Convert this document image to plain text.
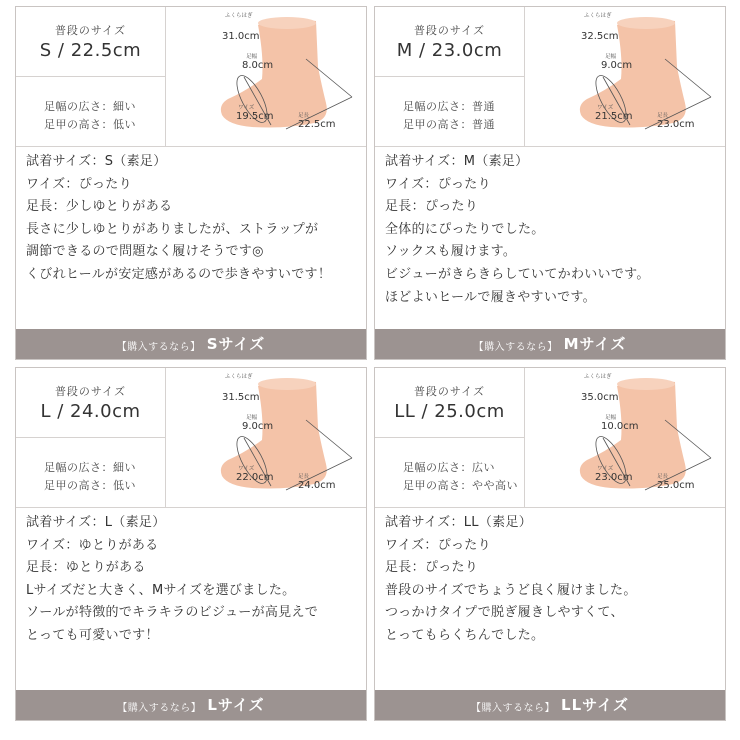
普段のサイズ
S / 22.5cm
足幅の広さ：細い
足甲の高さ：低い
ふくらはぎ
31.0cm
足幅
8.0cm
ワイズ
19.5cm	足長
22.5cm
試着サイズ：S（素足）
ワイズ：ぴったり
足長：少しゆとりがある
長さに少しゆとりがありましたが、ストラップが
調節できるので問題なく履けそうです◎
くびれヒールが安定感があるので歩きやすいです！
【購入するなら】 Sサイズ
普段のサイズ
M / 23.0cm
足幅の広さ：普通
足甲の高さ：普通
ふくらはぎ
32.5cm
足幅
9.0cm
ワイズ
21.5cm	足長
23.0cm
試着サイズ：M（素足）
ワイズ：ぴったり
足長：ぴったり
全体的にぴったりでした。
ソックスも履けます。
ビジューがきらきらしていてかわいいです。
ほどよいヒールで履きやすいです。
【購入するなら】 Mサイズ
普段のサイズ
L / 24.0cm
足幅の広さ：細い
足甲の高さ：低い
ふくらはぎ
31.5cm
足幅
9.0cm
ワイズ
22.0cm	足長
24.0cm
試着サイズ：L（素足）
ワイズ：ゆとりがある
足長：ゆとりがある
Lサイズだと大きく、Mサイズを選びました。
ソールが特徴的でキラキラのビジューが高見えで
とっても可愛いです！
【購入するなら】 Lサイズ
普段のサイズ
LL / 25.0cm
足幅の広さ：広い
足甲の高さ：やや高い
ふくらはぎ
35.0cm
足幅
10.0cm
ワイズ
23.0cm	足長
25.0cm
試着サイズ：LL（素足）
ワイズ：ぴったり
足長：ぴったり
普段のサイズでちょうど良く履けました。
つっかけタイプで脱ぎ履きしやすくて、
とってもらくちんでした。
【購入するなら】 LLサイズ
